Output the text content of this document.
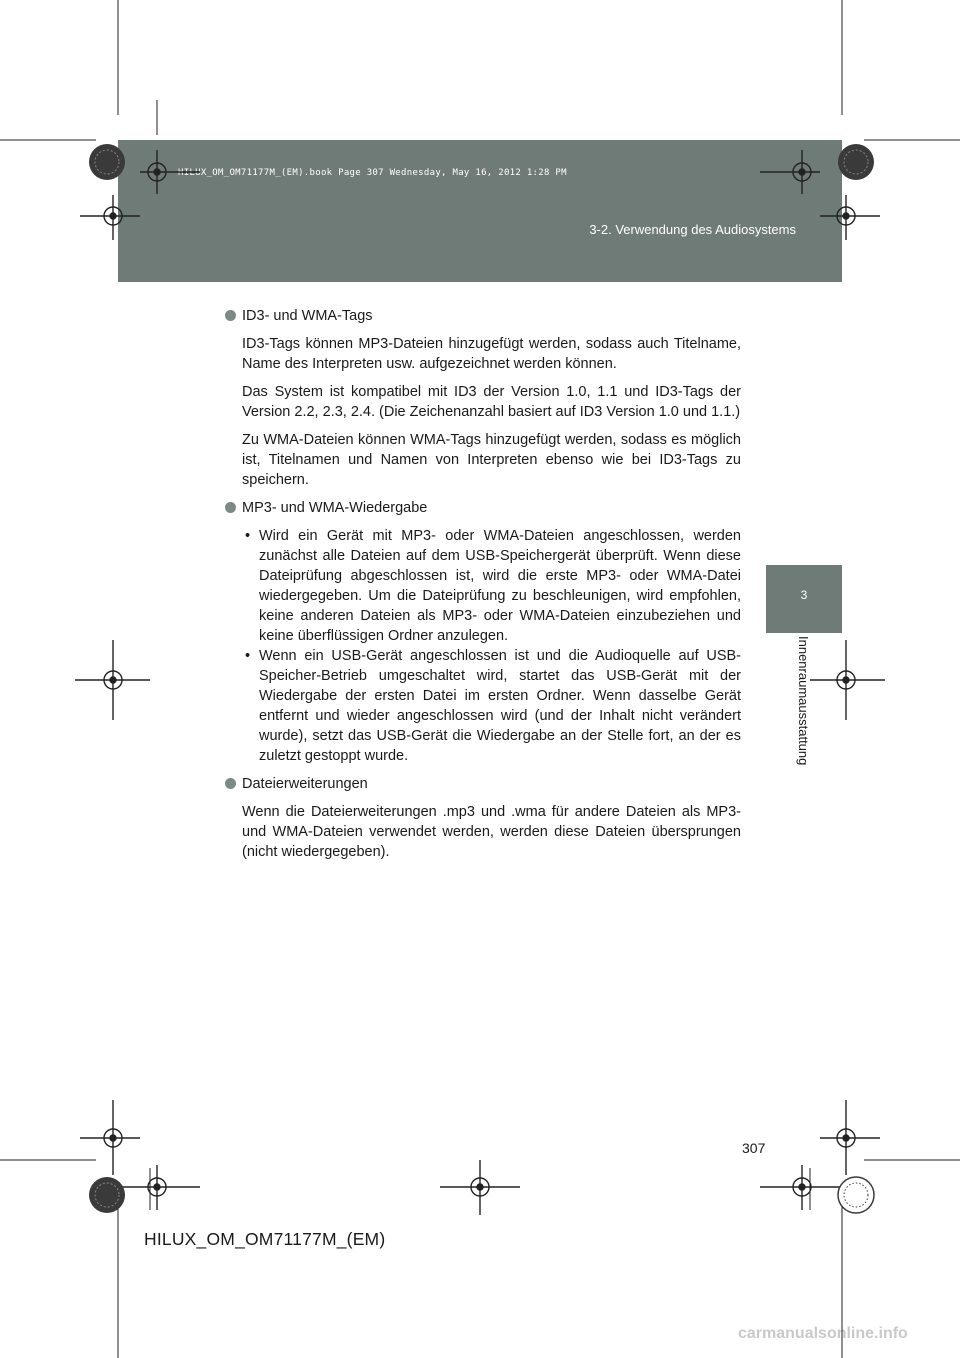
HILUX_OM_OM71177M_(EM).book Page 307 Wednesday, May 16, 2012 1:28 PM
3-2. Verwendung des Audiosystems
3
Innenraumausstattung
ID3- und WMA-Tags

ID3-Tags können MP3-Dateien hinzugefügt werden, sodass auch Titelname, Name des Interpreten usw. aufgezeichnet werden können.

Das System ist kompatibel mit ID3 der Version 1.0, 1.1 und ID3-Tags der Version 2.2, 2.3, 2.4. (Die Zeichenanzahl basiert auf ID3 Version 1.0 und 1.1.)

Zu WMA-Dateien können WMA-Tags hinzugefügt werden, sodass es möglich ist, Titelnamen und Namen von Interpreten ebenso wie bei ID3-Tags zu speichern.

MP3- und WMA-Wiedergabe
• Wird ein Gerät mit MP3- oder WMA-Dateien angeschlossen, werden zunächst alle Dateien auf dem USB-Speichergerät überprüft. Wenn diese Dateiprüfung abgeschlossen ist, wird die erste MP3- oder WMA-Datei wiedergegeben. Um die Dateiprüfung zu beschleunigen, wird empfohlen, keine anderen Dateien als MP3- oder WMA-Dateien einzubeziehen und keine überflüssigen Ordner anzulegen.
• Wenn ein USB-Gerät angeschlossen ist und die Audioquelle auf USB-Speicher-Betrieb umgeschaltet wird, startet das USB-Gerät mit der Wiedergabe der ersten Datei im ersten Ordner. Wenn dasselbe Gerät entfernt und wieder angeschlossen wird (und der Inhalt nicht verändert wurde), setzt das USB-Gerät die Wiedergabe an der Stelle fort, an der es zuletzt gestoppt wurde.
Dateierweiterungen

Wenn die Dateierweiterungen .mp3 und .wma für andere Dateien als MP3- und WMA-Dateien verwendet werden, werden diese Dateien übersprungen (nicht wiedergegeben).

307
HILUX_OM_OM71177M_(EM)
carmanualsonline.info
